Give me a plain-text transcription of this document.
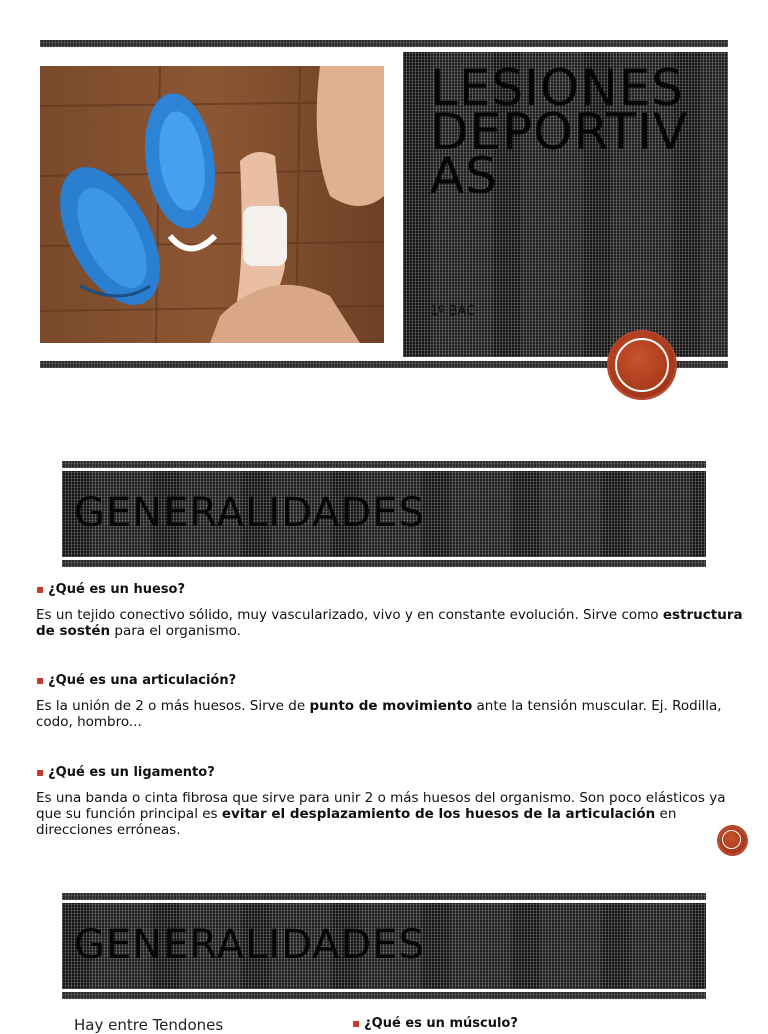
LESIONES DEPORTIVAS
1º BAC
GENERALIDADES
▪ ¿Qué es un hueso?
Es un tejido conectivo sólido, muy vascularizado, vivo y en constante evolución. Sirve como estructura de sostén para el organismo.
▪ ¿Qué es una articulación?
Es la unión de 2 o más huesos. Sirve de punto de movimiento ante la tensión muscular. Ej. Rodilla, codo, hombro...
▪ ¿Qué es un ligamento?
Es una banda o cinta fibrosa que sirve para unir 2 o más huesos del organismo. Son poco elásticos ya que su función principal es evitar el desplazamiento de los huesos de la articulación en direcciones erróneas.
GENERALIDADES
Hay entre Tendones	▪ ¿Qué es un músculo?
